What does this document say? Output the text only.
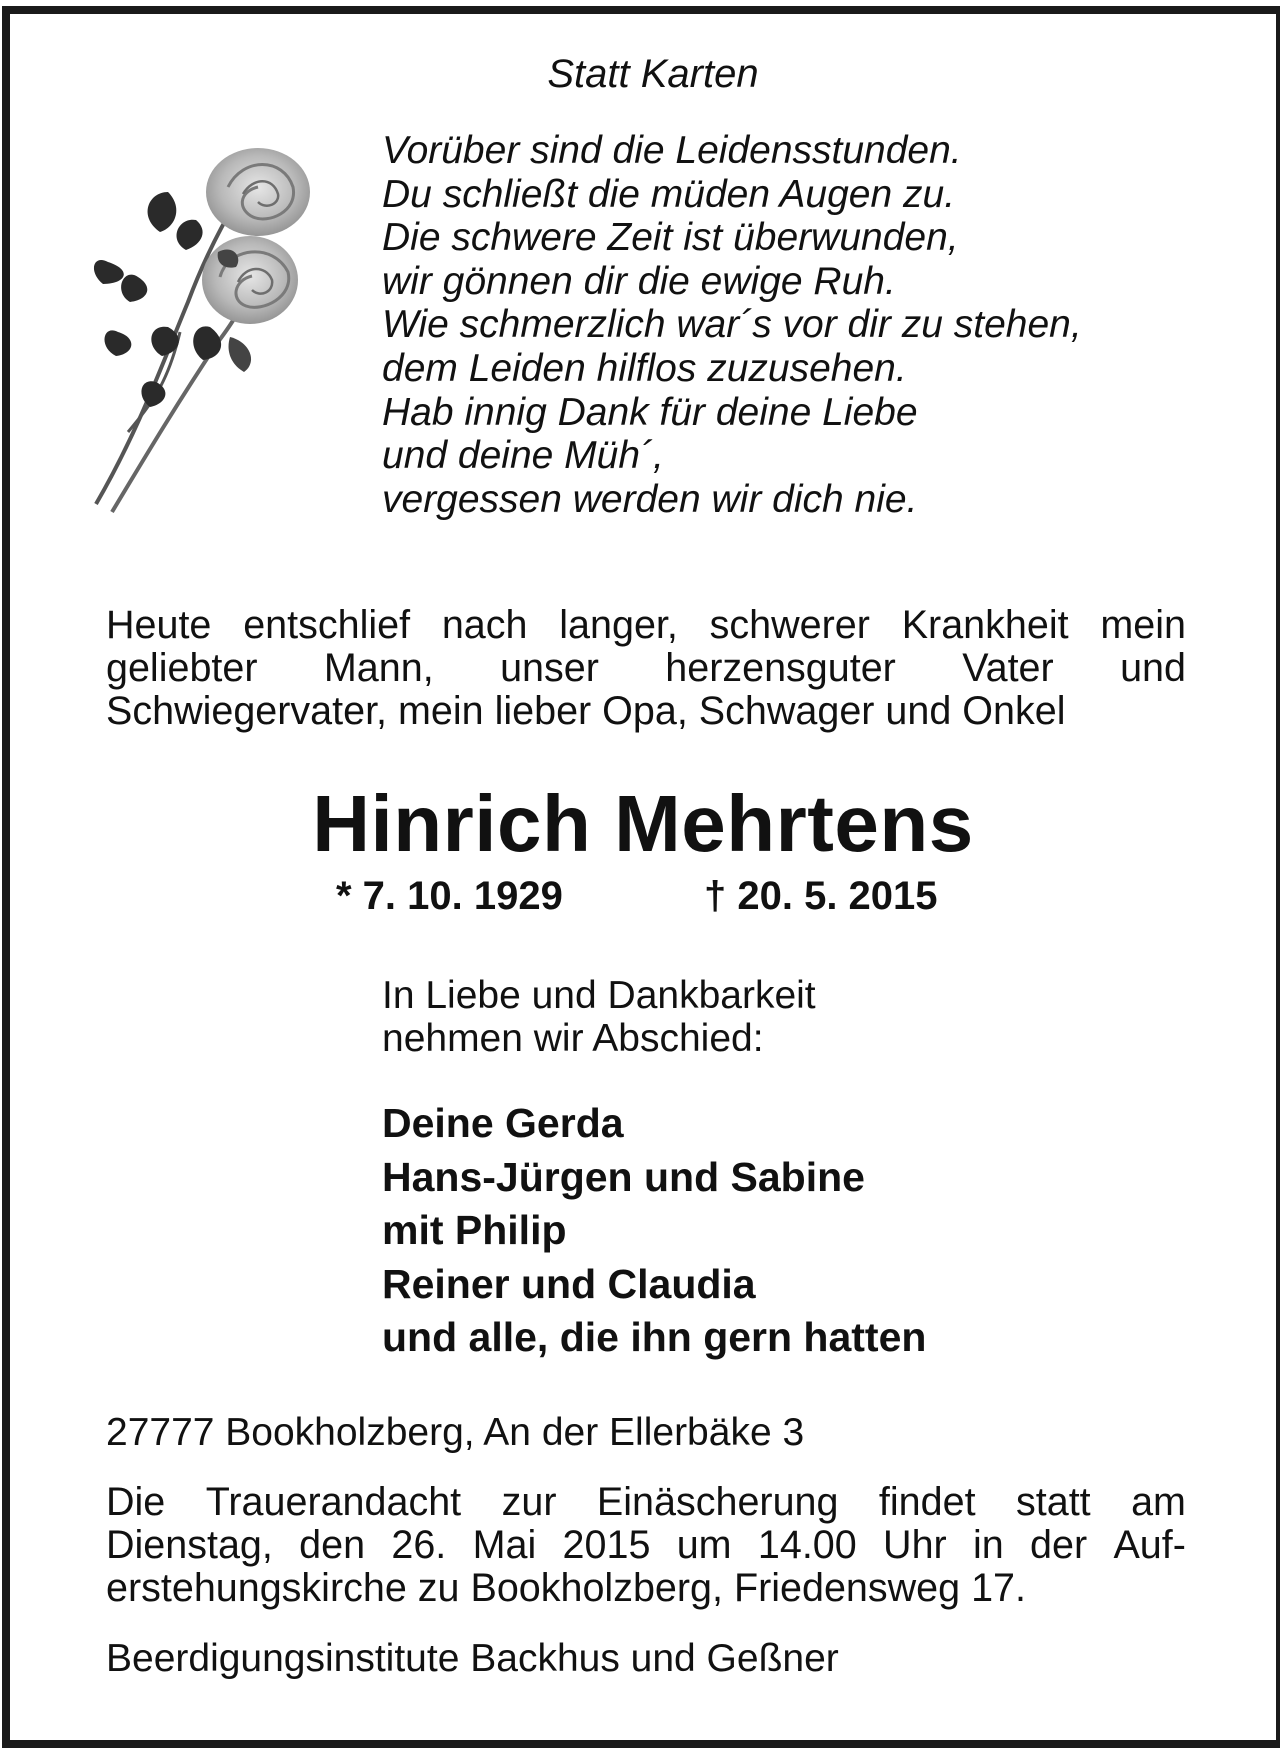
Statt Karten
Vorüber sind die Leidensstunden.
Du schließt die müden Augen zu.
Die schwere Zeit ist überwunden,
wir gönnen dir die ewige Ruh.
Wie schmerzlich war´s vor dir zu stehen,
dem Leiden hilflos zuzusehen.
Hab innig Dank für deine Liebe
und deine Müh´,
vergessen werden wir dich nie.
Heute entschlief nach langer, schwerer Krankheit mein
geliebter Mann, unser herzensguter Vater und
Schwiegervater, mein lieber Opa, Schwager und Onkel
Hinrich Mehrtens
* 7. 10. 1929	† 20. 5. 2015
In Liebe und Dankbarkeit
nehmen wir Abschied:
Deine Gerda
Hans-Jürgen und Sabine
mit Philip
Reiner und Claudia
und alle, die ihn gern hatten
27777 Bookholzberg, An der Ellerbäke 3
Die Trauerandacht zur Einäscherung findet statt am
Dienstag, den 26. Mai 2015 um 14.00 Uhr in der Auf-
erstehungskirche zu Bookholzberg, Friedensweg 17.
Beerdigungsinstitute Backhus und Geßner
